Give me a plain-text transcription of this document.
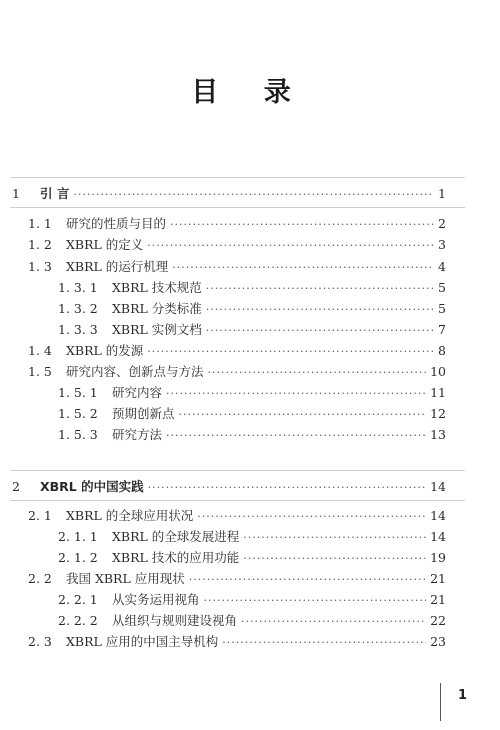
目 录
1	引 言 ·····	1
1. 1	研究的性质与目的 ·····	2
1. 2	XBRL 的定义 ·····	3
1. 3	XBRL 的运行机理 ·····	4
1. 3. 1	XBRL 技术规范 ·····	5
1. 3. 2	XBRL 分类标准 ·····	5
1. 3. 3	XBRL 实例文档 ·····	7
1. 4	XBRL 的发源 ·····	8
1. 5	研究内容、创新点与方法 ·····	10
1. 5. 1	研究内容 ·····	11
1. 5. 2	预期创新点 ·····	12
1. 5. 3	研究方法 ·····	13
2	XBRL 的中国实践 ·····	14
2. 1	XBRL 的全球应用状况 ·····	14
2. 1. 1	XBRL 的全球发展进程 ·····	14
2. 1. 2	XBRL 技术的应用功能 ·····	19
2. 2	我国 XBRL 应用现状 ·····	21
2. 2. 1	从实务运用视角 ·····	21
2. 2. 2	从组织与规则建设视角 ·····	22
2. 3	XBRL 应用的中国主导机构 ·····	23
1
